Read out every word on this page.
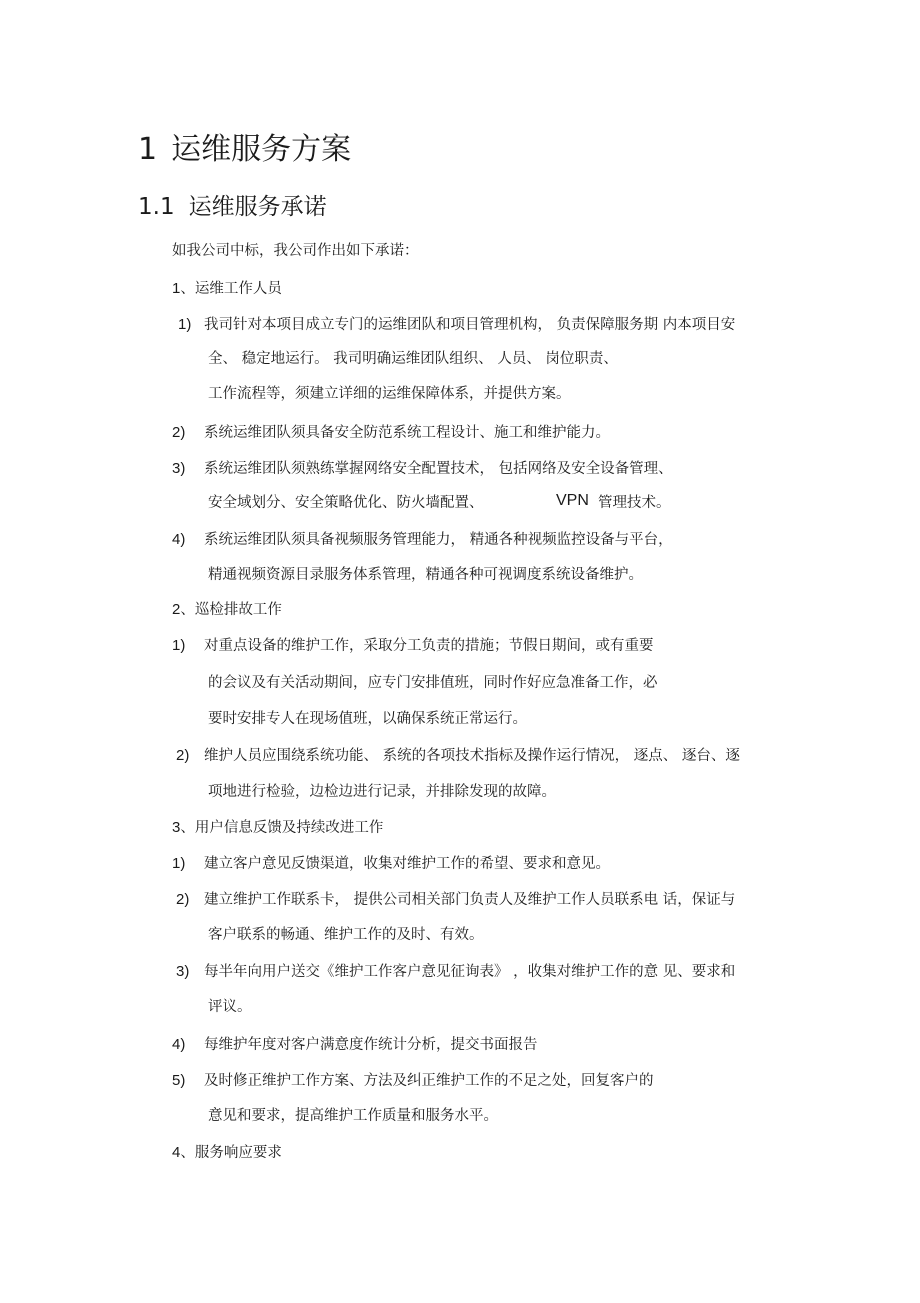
1 运维服务方案
1.1 运维服务承诺
如我公司中标，我公司作出如下承诺：
1、运维工作人员
1) 我司针对本项目成立专门的运维团队和项目管理机构， 负责保障服务期 内本项目安
全、 稳定地运行。 我司明确运维团队组织、 人员、 岗位职责、
工作流程等，须建立详细的运维保障体系，并提供方案。
2) 系统运维团队须具备安全防范系统工程设计、施工和维护能力。
3) 系统运维团队须熟练掌握网络安全配置技术， 包括网络及安全设备管理、
安全域划分、安全策略优化、防火墙配置、	VPN 管理技术。
4) 系统运维团队须具备视频服务管理能力， 精通各种视频监控设备与平台，
精通视频资源目录服务体系管理，精通各种可视调度系统设备维护。
2、巡检排故工作
1) 对重点设备的维护工作，采取分工负责的措施；节假日期间，或有重要
的会议及有关活动期间，应专门安排值班，同时作好应急准备工作，必
要时安排专人在现场值班，以确保系统正常运行。
2) 维护人员应围绕系统功能、 系统的各项技术指标及操作运行情况， 逐点、 逐台、逐
项地进行检验，边检边进行记录，并排除发现的故障。
3、用户信息反馈及持续改进工作
1) 建立客户意见反馈渠道，收集对维护工作的希望、要求和意见。
2) 建立维护工作联系卡， 提供公司相关部门负责人及维护工作人员联系电 话，保证与
客户联系的畅通、维护工作的及时、有效。
3) 每半年向用户送交《维护工作客户意见征询表》 ，收集对维护工作的意 见、要求和
评议。
4) 每维护年度对客户满意度作统计分析，提交书面报告
5) 及时修正维护工作方案、方法及纠正维护工作的不足之处，回复客户的
意见和要求，提高维护工作质量和服务水平。
4、服务响应要求
